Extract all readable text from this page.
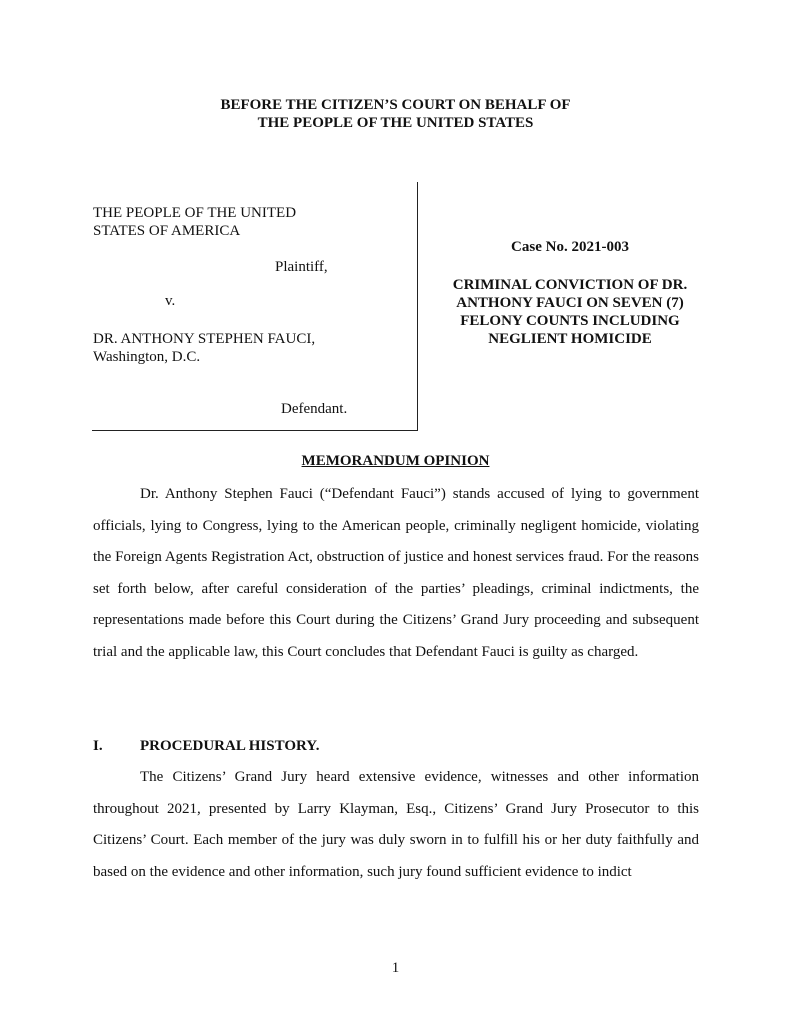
BEFORE THE CITIZEN’S COURT ON BEHALF OF
THE PEOPLE OF THE UNITED STATES
THE PEOPLE OF THE UNITED
STATES OF AMERICA
Plaintiff,
v.
DR. ANTHONY STEPHEN FAUCI,
Washington, D.C.
Defendant.
Case No. 2021-003
CRIMINAL CONVICTION OF DR.
ANTHONY FAUCI ON SEVEN (7)
FELONY COUNTS INCLUDING
NEGLIENT HOMICIDE
MEMORANDUM OPINION
Dr. Anthony Stephen Fauci (“Defendant Fauci”) stands accused of lying to government officials, lying to Congress, lying to the American people, criminally negligent homicide, violating the Foreign Agents Registration Act, obstruction of justice and honest services fraud. For the reasons set forth below, after careful consideration of the parties’ pleadings, criminal indictments, the representations made before this Court during the Citizens’ Grand Jury proceeding and subsequent trial and the applicable law, this Court concludes that Defendant Fauci is guilty as charged.
I. PROCEDURAL HISTORY.
The Citizens’ Grand Jury heard extensive evidence, witnesses and other information throughout 2021, presented by Larry Klayman, Esq., Citizens’ Grand Jury Prosecutor to this Citizens’ Court. Each member of the jury was duly sworn in to fulfill his or her duty faithfully and based on the evidence and other information, such jury found sufficient evidence to indict
1
